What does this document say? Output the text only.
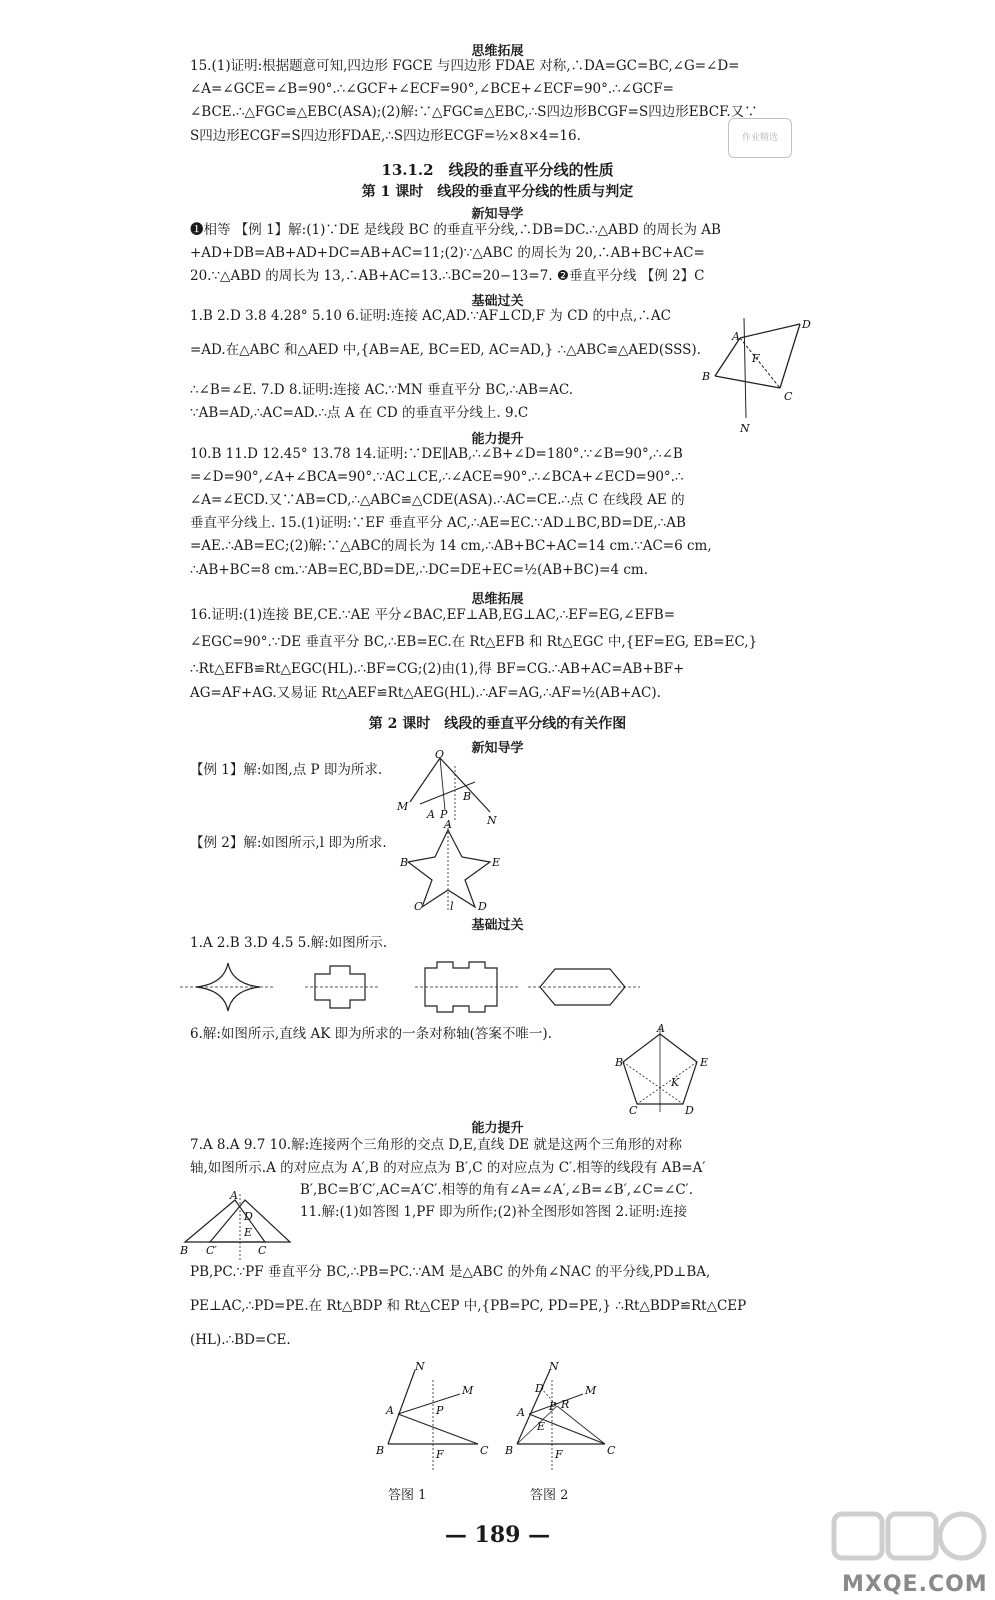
思维拓展
15.(1)证明:根据题意可知,四边形 FGCE 与四边形 FDAE 对称,∴DA=GC=BC,∠G=∠D=
∠A=∠GCE=∠B=90°.∴∠GCF+∠ECF=90°,∠BCE+∠ECF=90°.∴∠GCF=
∠BCE.∴△FGC≌△EBC(ASA);(2)解:∵△FGC≌△EBC,∴S四边形BCGF=S四边形EBCF.又∵
S四边形ECGF=S四边形FDAE,∴S四边形ECGF=½×8×4=16.	作业精选
13.1.2　线段的垂直平分线的性质
第 1 课时　线段的垂直平分线的性质与判定
新知导学
❶相等 【例 1】解:(1)∵DE 是线段 BC 的垂直平分线,∴DB=DC.∴△ABD 的周长为 AB
+AD+DB=AB+AD+DC=AB+AC=11;(2)∵△ABC 的周长为 20,∴AB+BC+AC=
20.∵△ABD 的周长为 13,∴AB+AC=13.∴BC=20−13=7. ❷垂直平分线 【例 2】C
基础过关
1.B 2.D 3.8 4.28° 5.10 6.证明:连接 AC,AD.∵AF⊥CD,F 为 CD 的中点,∴AC
=AD.在△ABC 和△AED 中,{AB=AE, BC=ED, AC=AD,} ∴△ABC≌△AED(SSS).
∴∠B=∠E. 7.D 8.证明:连接 AC.∵MN 垂直平分 BC,∴AB=AC.
∵AB=AD,∴AC=AD.∴点 A 在 CD 的垂直平分线上. 9.C
A
B
C
D
N
F
能力提升
10.B 11.D 12.45° 13.78 14.证明:∵DE∥AB,∴∠B+∠D=180°.∵∠B=90°,∴∠B
=∠D=90°,∠A+∠BCA=90°.∵AC⊥CE,∴∠ACE=90°.∴∠BCA+∠ECD=90°.∴
∠A=∠ECD.又∵AB=CD,∴△ABC≌△CDE(ASA).∴AC=CE.∴点 C 在线段 AE 的
垂直平分线上. 15.(1)证明:∵EF 垂直平分 AC,∴AE=EC.∵AD⊥BC,BD=DE,∴AB
=AE.∴AB=EC;(2)解:∵△ABC的周长为 14 cm,∴AB+BC+AC=14 cm.∵AC=6 cm,
∴AB+BC=8 cm.∵AB=EC,BD=DE,∴DC=DE+EC=½(AB+BC)=4 cm.
思维拓展
16.证明:(1)连接 BE,CE.∵AE 平分∠BAC,EF⊥AB,EG⊥AC,∴EF=EG,∠EFB=
∠EGC=90°.∵DE 垂直平分 BC,∴EB=EC.在 Rt△EFB 和 Rt△EGC 中,{EF=EG, EB=EC,}
∴Rt△EFB≌Rt△EGC(HL).∴BF=CG;(2)由(1),得 BF=CG.∴AB+AC=AB+BF+
AG=AF+AG.又易证 Rt△AEF≌Rt△AEG(HL).∴AF=AG,∴AF=½(AB+AC).
第 2 课时　线段的垂直平分线的有关作图
新知导学
【例 1】解:如图,点 P 即为所求.
O
M
N
A P
B
【例 2】解:如图所示,l 即为所求.
A
B	E
C	D
l
基础过关
1.A 2.B 3.D 4.5 5.解:如图所示.
6.解:如图所示,直线 AK 即为所求的一条对称轴(答案不唯一).	A
B	E
K
C	D
能力提升
7.A 8.A 9.7 10.解:连接两个三角形的交点 D,E,直线 DE 就是这两个三角形的对称
轴,如图所示.A 的对应点为 A′,B 的对应点为 B′,C 的对应点为 C′.相等的线段有 AB=A′
B′,BC=B′C′,AC=A′C′.相等的角有∠A=∠A′,∠B=∠B′,∠C=∠C′.
11.解:(1)如答图 1,PF 即为所作;(2)补全图形如答图 2.证明:连接
A
D
E
C′	C
B
PB,PC.∵PF 垂直平分 BC,∴PB=PC.∵AM 是△ABC 的外角∠NAC 的平分线,PD⊥BA,
PE⊥AC,∴PD=PE.在 Rt△BDP 和 Rt△CEP 中,{PB=PC, PD=PE,} ∴Rt△BDP≌Rt△CEP
(HL).∴BD=CE.
N
M
A	P
B	F	C
答图 1
N
D	M
A P R
E
B	F	C
答图 2
— 189 —
MXQE.COM
